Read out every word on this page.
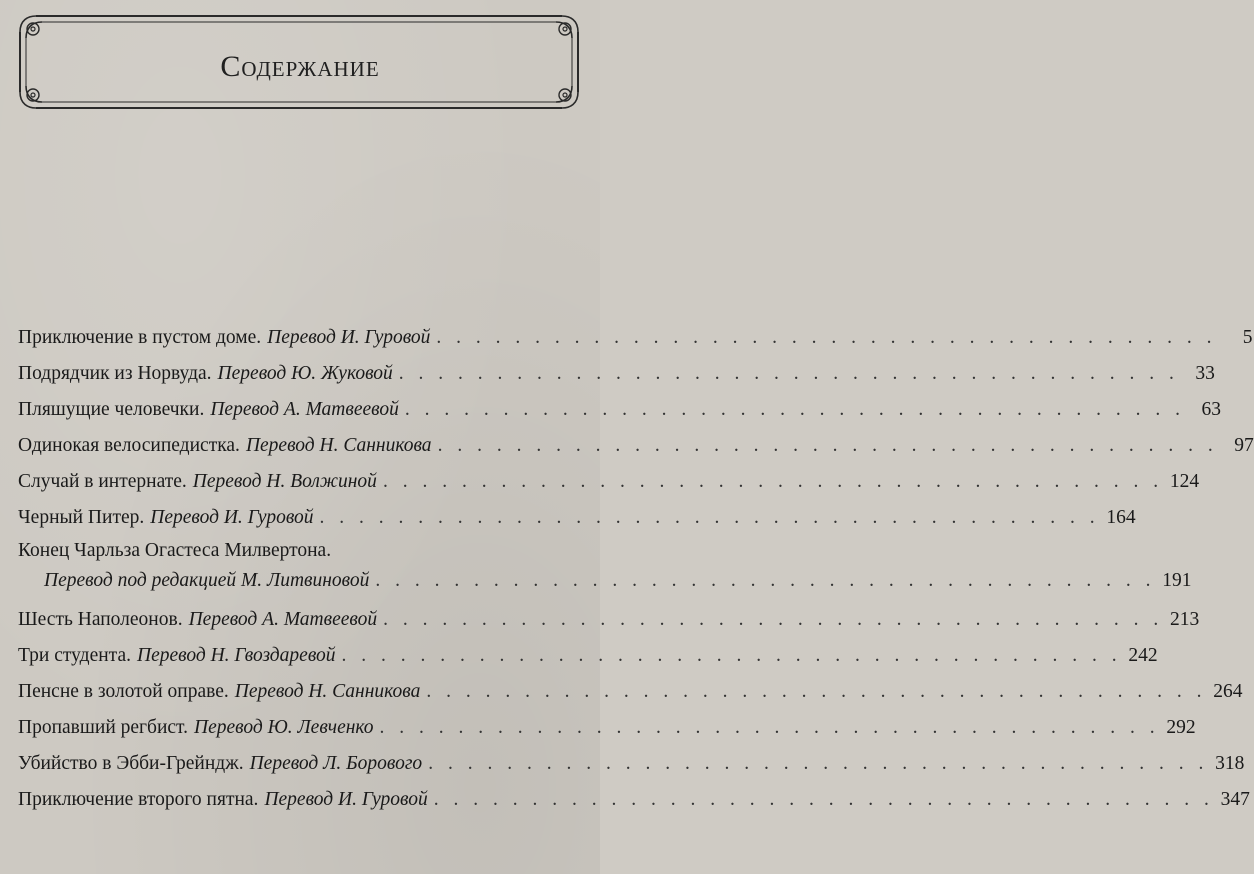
Содержание
Приключение в пустом доме. Перевод И. Гуровой . . . . . . . . . . . . . . . . . . . . . . . . . . . . . . . . . . . . . . . .	5
Подрядчик из Норвуда. Перевод Ю. Жуковой . . . . . . . . . . . . . . . . . . . . . . . . . . . . . . . . . . . . . . . . 33
Пляшущие человечки. Перевод А. Матвеевой . . . . . . . . . . . . . . . . . . . . . . . . . . . . . . . . . . . . . . . . 63
Одинокая велосипедистка. Перевод Н. Санникова . . . . . . . . . . . . . . . . . . . . . . . . . . . . . . . . . . . . . . . . 97
Случай в интернате. Перевод Н. Волжиной . . . . . . . . . . . . . . . . . . . . . . . . . . . . . . . . . . . . . . . . 124
Черный Питер. Перевод И. Гуровой . . . . . . . . . . . . . . . . . . . . . . . . . . . . . . . . . . . . . . . . 164
Конец Чарльза Огастеса Милвертона.
Перевод под редакцией М. Литвиновой . . . . . . . . . . . . . . . . . . . . . . . . . . . . . . . . . . . . . . . . 191
Шесть Наполеонов. Перевод А. Матвеевой . . . . . . . . . . . . . . . . . . . . . . . . . . . . . . . . . . . . . . . . 213
Три студента. Перевод Н. Гвоздаревой . . . . . . . . . . . . . . . . . . . . . . . . . . . . . . . . . . . . . . . . 242
Пенсне в золотой оправе. Перевод Н. Санникова . . . . . . . . . . . . . . . . . . . . . . . . . . . . . . . . . . . . . . . . 264
Пропавший регбист. Перевод Ю. Левченко . . . . . . . . . . . . . . . . . . . . . . . . . . . . . . . . . . . . . . . . 292
Убийство в Эбби-Грейндж. Перевод Л. Борового . . . . . . . . . . . . . . . . . . . . . . . . . . . . . . . . . . . . . . . . 318
Приключение второго пятна. Перевод И. Гуровой . . . . . . . . . . . . . . . . . . . . . . . . . . . . . . . . . . . . . . . . 347
